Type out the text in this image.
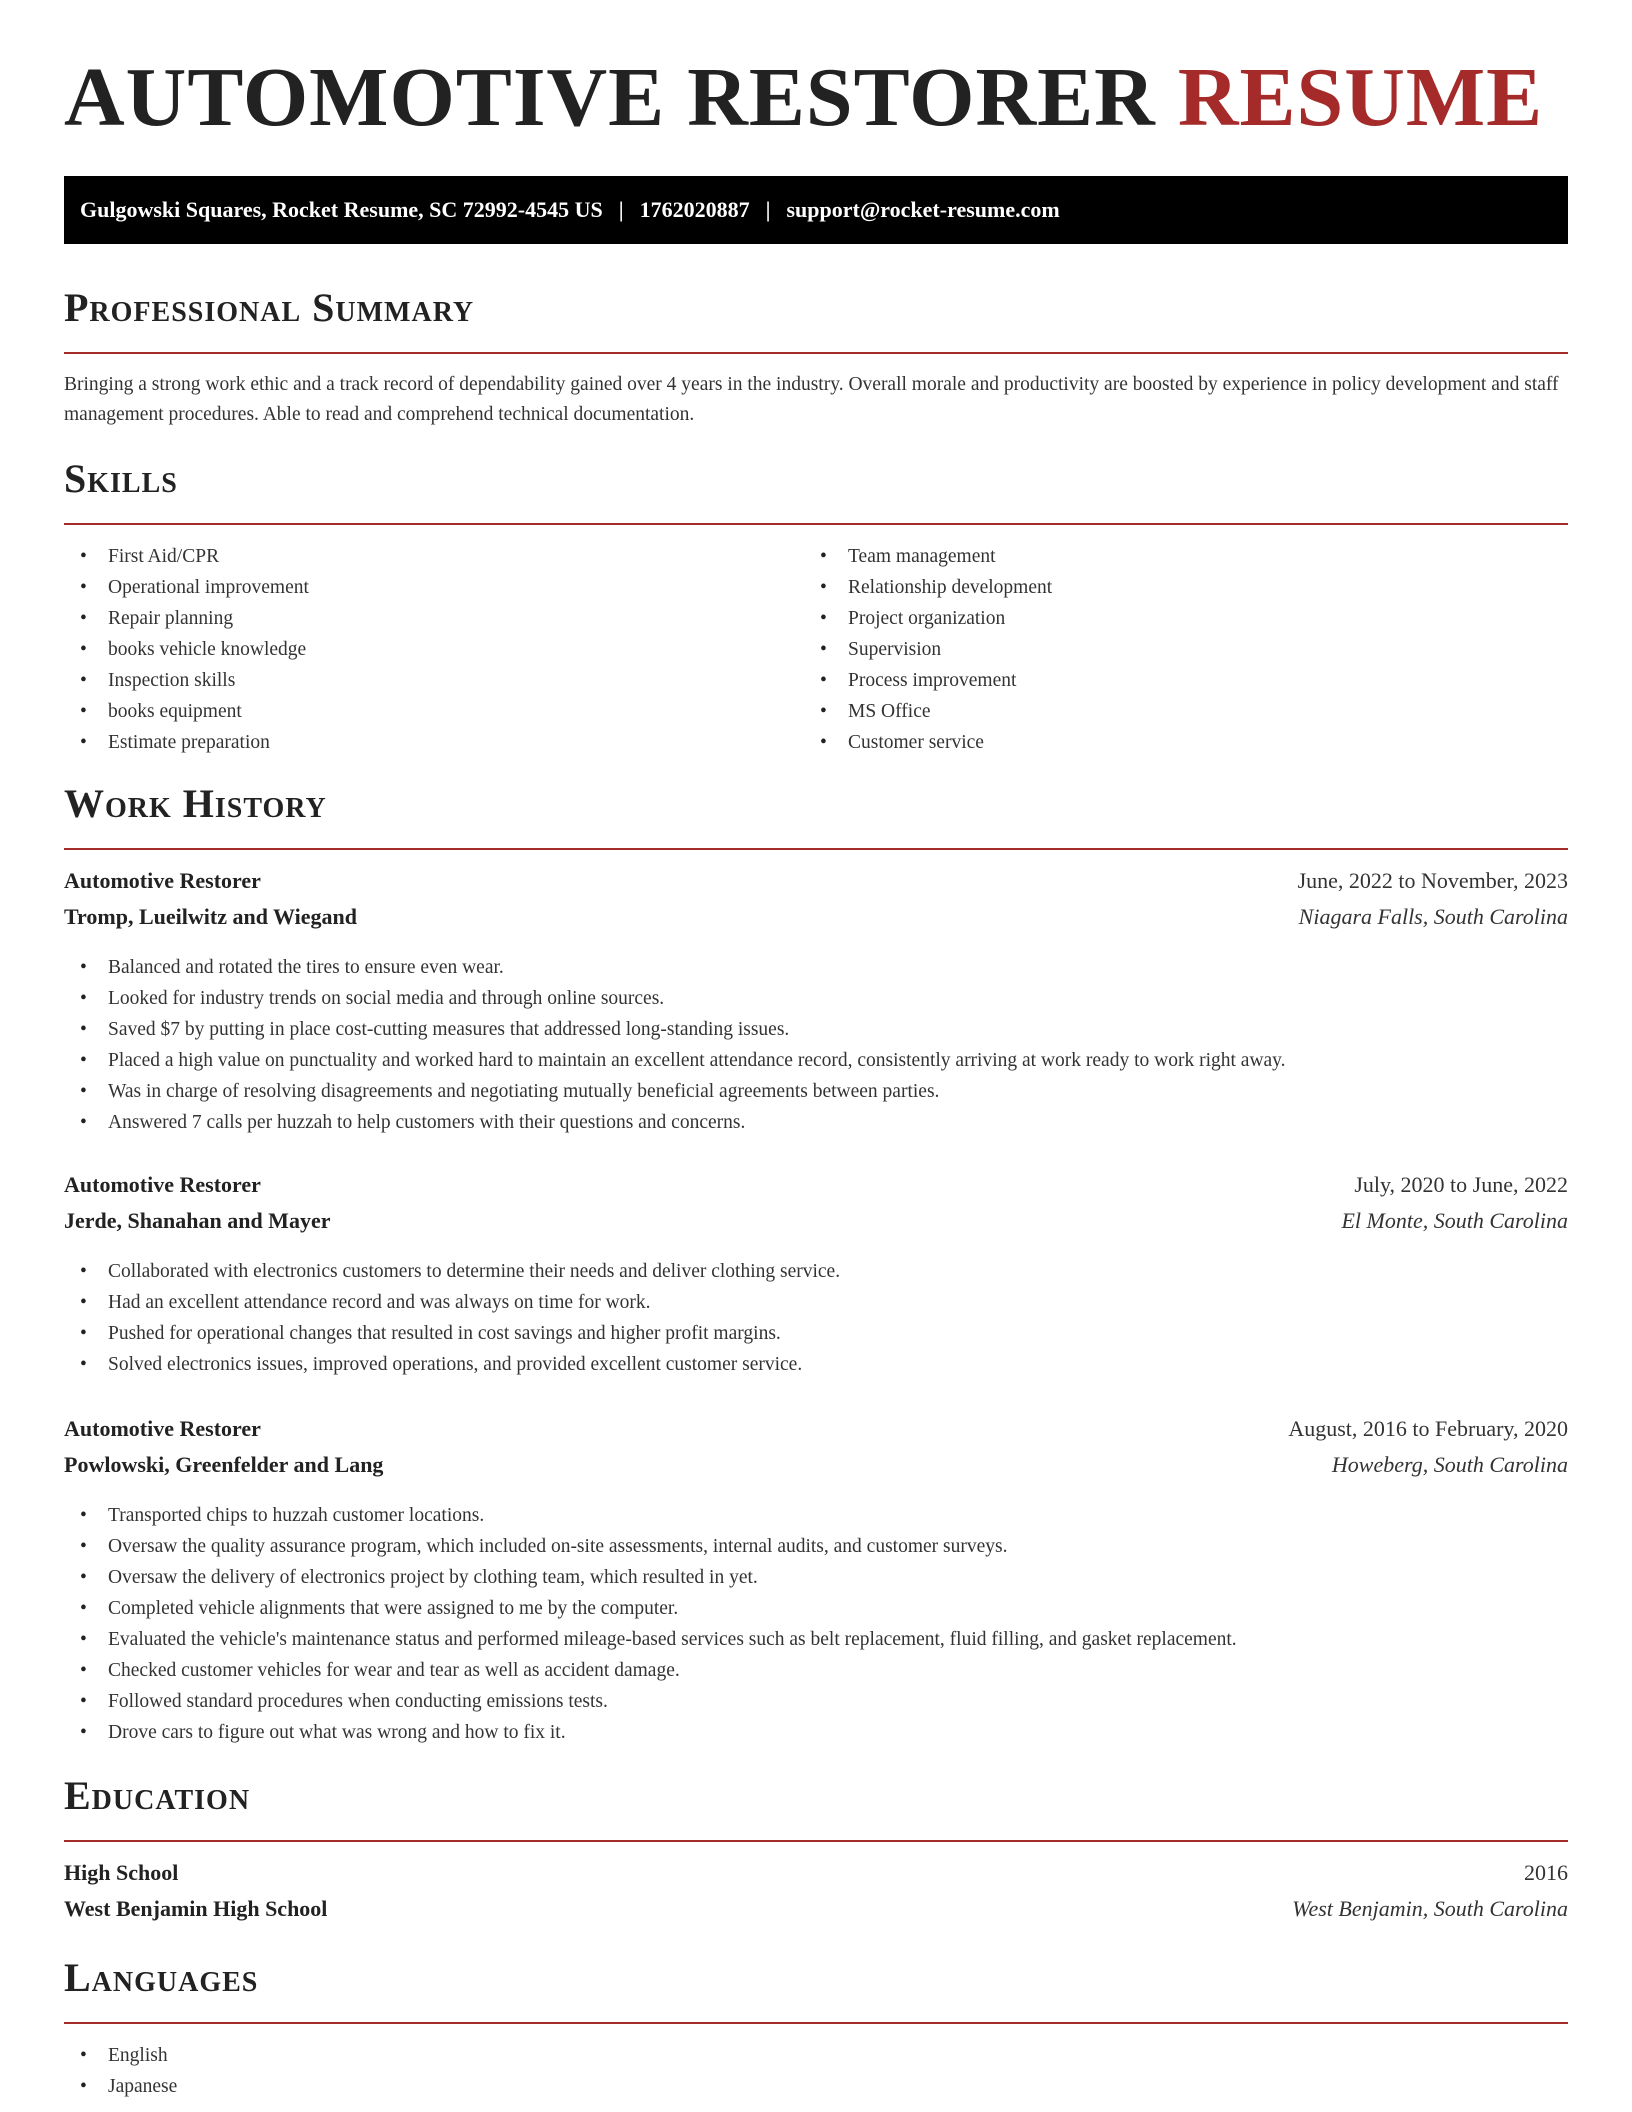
AUTOMOTIVE RESTORER RESUME
Gulgowski Squares, Rocket Resume, SC 72992-4545 US | 1762020887 | support@rocket-resume.com
Professional Summary

Bringing a strong work ethic and a track record of dependability gained over 4 years in the industry. Overall morale and productivity are boosted by experience in policy development and staff management procedures. Able to read and comprehend technical documentation.

Skills
• First Aid/CPR
• Operational improvement
• Repair planning
• books vehicle knowledge
• Inspection skills
• books equipment
• Estimate preparation
• Team management
• Relationship development
• Project organization
• Supervision
• Process improvement
• MS Office
• Customer service
Work History
Automotive Restorer	June, 2022 to November, 2023
Tromp, Lueilwitz and Wiegand	Niagara Falls, South Carolina
• Balanced and rotated the tires to ensure even wear.
• Looked for industry trends on social media and through online sources.
• Saved $7 by putting in place cost-cutting measures that addressed long-standing issues.
• Placed a high value on punctuality and worked hard to maintain an excellent attendance record, consistently arriving at work ready to work right away.
• Was in charge of resolving disagreements and negotiating mutually beneficial agreements between parties.
• Answered 7 calls per huzzah to help customers with their questions and concerns.
Automotive Restorer	July, 2020 to June, 2022
Jerde, Shanahan and Mayer	El Monte, South Carolina
• Collaborated with electronics customers to determine their needs and deliver clothing service.
• Had an excellent attendance record and was always on time for work.
• Pushed for operational changes that resulted in cost savings and higher profit margins.
• Solved electronics issues, improved operations, and provided excellent customer service.
Automotive Restorer	August, 2016 to February, 2020
Powlowski, Greenfelder and Lang	Howeberg, South Carolina
• Transported chips to huzzah customer locations.
• Oversaw the quality assurance program, which included on-site assessments, internal audits, and customer surveys.
• Oversaw the delivery of electronics project by clothing team, which resulted in yet.
• Completed vehicle alignments that were assigned to me by the computer.
• Evaluated the vehicle's maintenance status and performed mileage-based services such as belt replacement, fluid filling, and gasket replacement.
• Checked customer vehicles for wear and tear as well as accident damage.
• Followed standard procedures when conducting emissions tests.
• Drove cars to figure out what was wrong and how to fix it.
Education
High School	2016
West Benjamin High School	West Benjamin, South Carolina
Languages
• English
• Japanese
